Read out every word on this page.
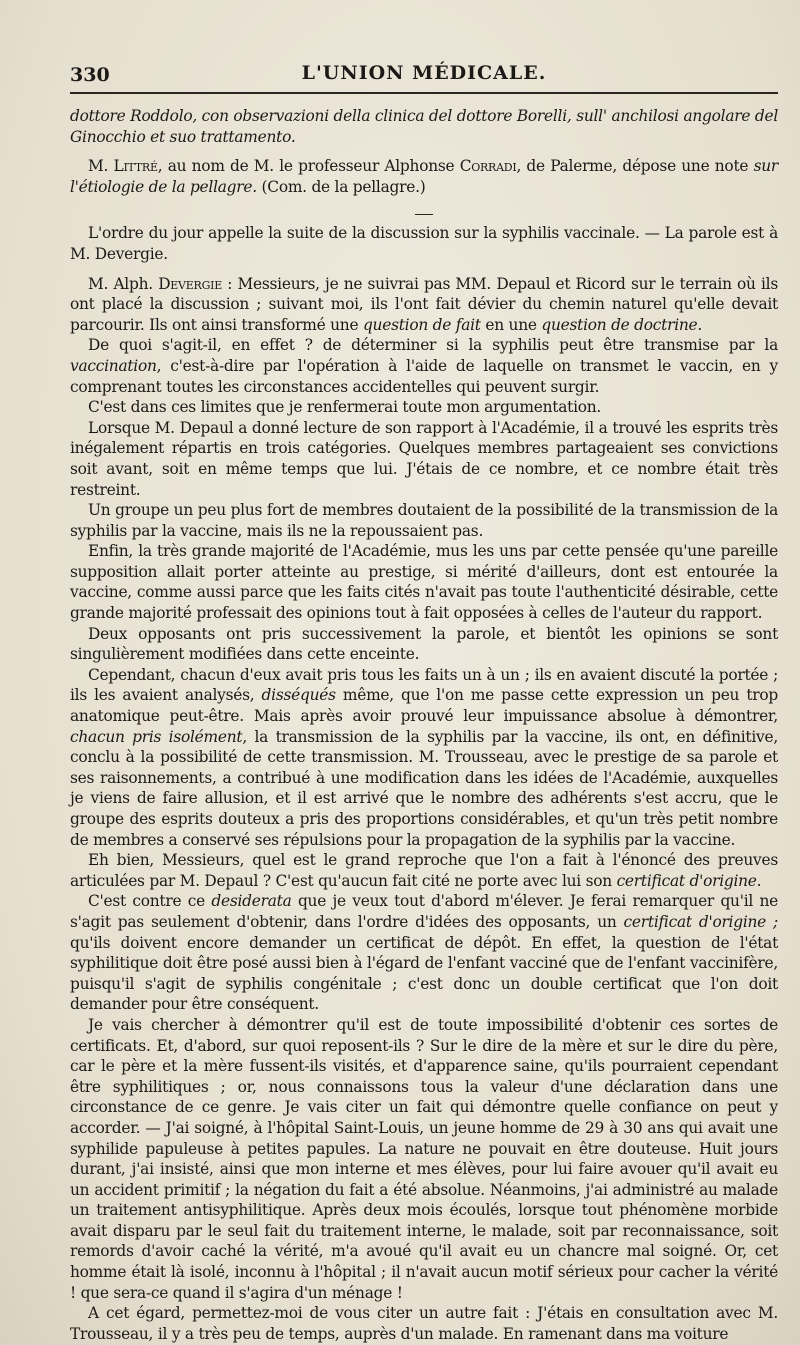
330	L'UNION MÉDICALE.

dottore Roddolo, con observazioni della clinica del dottore Borelli, sull' anchilosi angolare del Ginocchio et suo trattamento.

M. Littré, au nom de M. le professeur Alphonse Corradi, de Palerme, dépose une note sur l'étiologie de la pellagre. (Com. de la pellagre.)

L'ordre du jour appelle la suite de la discussion sur la syphilis vaccinale. — La parole est à M. Devergie.

M. Alph. Devergie : Messieurs, je ne suivrai pas MM. Depaul et Ricord sur le terrain où ils ont placé la discussion ; suivant moi, ils l'ont fait dévier du chemin naturel qu'elle devait parcourir. Ils ont ainsi transformé une question de fait en une question de doctrine.

De quoi s'agit-il, en effet ? de déterminer si la syphilis peut être transmise par la vaccination, c'est-à-dire par l'opération à l'aide de laquelle on transmet le vaccin, en y comprenant toutes les circonstances accidentelles qui peuvent surgir.

C'est dans ces limites que je renfermerai toute mon argumentation.

Lorsque M. Depaul a donné lecture de son rapport à l'Académie, il a trouvé les esprits très inégalement répartis en trois catégories. Quelques membres partageaient ses convictions soit avant, soit en même temps que lui. J'étais de ce nombre, et ce nombre était très restreint.

Un groupe un peu plus fort de membres doutaient de la possibilité de la transmission de la syphilis par la vaccine, mais ils ne la repoussaient pas.

Enfin, la très grande majorité de l'Académie, mus les uns par cette pensée qu'une pareille supposition allait porter atteinte au prestige, si mérité d'ailleurs, dont est entourée la vaccine, comme aussi parce que les faits cités n'avait pas toute l'authenticité désirable, cette grande majorité professait des opinions tout à fait opposées à celles de l'auteur du rapport.

Deux opposants ont pris successivement la parole, et bientôt les opinions se sont singulièrement modifiées dans cette enceinte.

Cependant, chacun d'eux avait pris tous les faits un à un ; ils en avaient discuté la portée ; ils les avaient analysés, disséqués même, que l'on me passe cette expression un peu trop anatomique peut-être. Mais après avoir prouvé leur impuissance absolue à démontrer, chacun pris isolément, la transmission de la syphilis par la vaccine, ils ont, en définitive, conclu à la possibilité de cette transmission. M. Trousseau, avec le prestige de sa parole et ses raisonnements, a contribué à une modification dans les idées de l'Académie, auxquelles je viens de faire allusion, et il est arrivé que le nombre des adhérents s'est accru, que le groupe des esprits douteux a pris des proportions considérables, et qu'un très petit nombre de membres a conservé ses répulsions pour la propagation de la syphilis par la vaccine.

Eh bien, Messieurs, quel est le grand reproche que l'on a fait à l'énoncé des preuves articulées par M. Depaul ? C'est qu'aucun fait cité ne porte avec lui son certificat d'origine.

C'est contre ce desiderata que je veux tout d'abord m'élever. Je ferai remarquer qu'il ne s'agit pas seulement d'obtenir, dans l'ordre d'idées des opposants, un certificat d'origine ; qu'ils doivent encore demander un certificat de dépôt. En effet, la question de l'état syphilitique doit être posé aussi bien à l'égard de l'enfant vacciné que de l'enfant vaccinifère, puisqu'il s'agit de syphilis congénitale ; c'est donc un double certificat que l'on doit demander pour être conséquent.

Je vais chercher à démontrer qu'il est de toute impossibilité d'obtenir ces sortes de certificats. Et, d'abord, sur quoi reposent-ils ? Sur le dire de la mère et sur le dire du père, car le père et la mère fussent-ils visités, et d'apparence saine, qu'ils pourraient cependant être syphilitiques ; or, nous connaissons tous la valeur d'une déclaration dans une circonstance de ce genre. Je vais citer un fait qui démontre quelle confiance on peut y accorder. — J'ai soigné, à l'hôpital Saint-Louis, un jeune homme de 29 à 30 ans qui avait une syphilide papuleuse à petites papules. La nature ne pouvait en être douteuse. Huit jours durant, j'ai insisté, ainsi que mon interne et mes élèves, pour lui faire avouer qu'il avait eu un accident primitif ; la négation du fait a été absolue. Néanmoins, j'ai administré au malade un traitement antisyphilitique. Après deux mois écoulés, lorsque tout phénomène morbide avait disparu par le seul fait du traitement interne, le malade, soit par reconnaissance, soit remords d'avoir caché la vérité, m'a avoué qu'il avait eu un chancre mal soigné. Or, cet homme était là isolé, inconnu à l'hôpital ; il n'avait aucun motif sérieux pour cacher la vérité ! que sera-ce quand il s'agira d'un ménage !

A cet égard, permettez-moi de vous citer un autre fait : J'étais en consultation avec M. Trousseau, il y a très peu de temps, auprès d'un malade. En ramenant dans ma voiture
